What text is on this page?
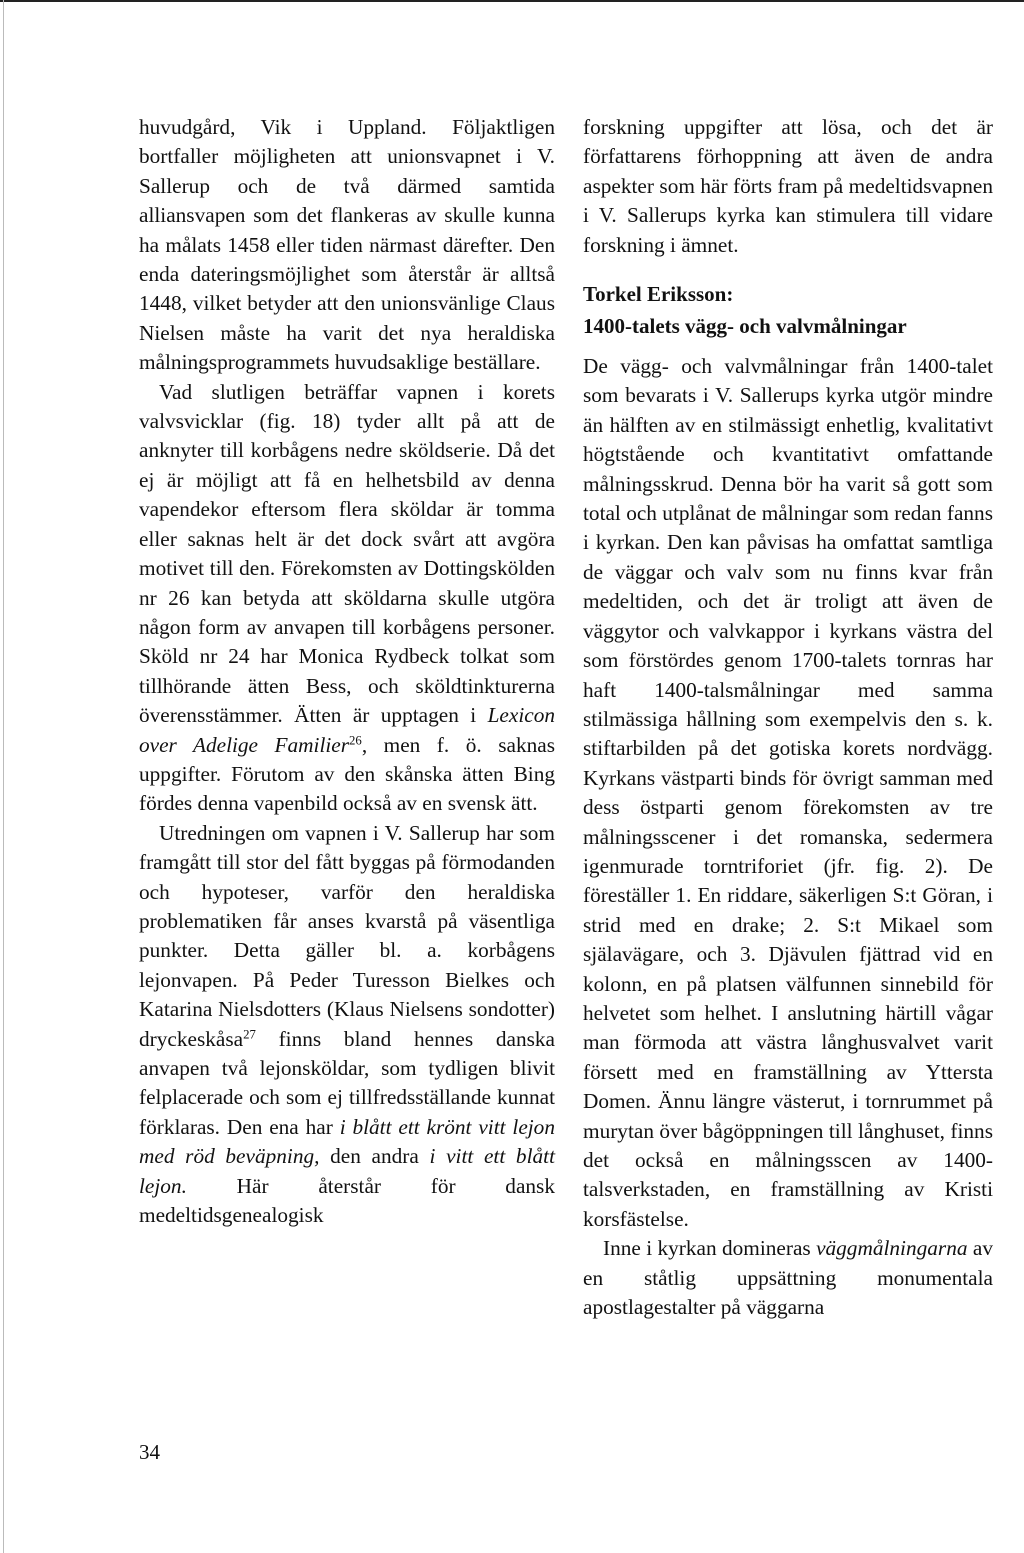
huvudgård, Vik i Uppland. Följaktligen bortfaller möjligheten att unionsvapnet i V. Sallerup och de två därmed samtida alliansvapen som det flankeras av skulle kunna ha målats 1458 eller tiden närmast därefter. Den enda dateringsmöjlighet som återstår är alltså 1448, vilket betyder att den unionsvänlige Claus Nielsen måste ha varit det nya heraldiska målningsprogrammets huvudsaklige beställare.

Vad slutligen beträffar vapnen i korets valvsvicklar (fig. 18) tyder allt på att de anknyter till korbågens nedre sköldserie. Då det ej är möjligt att få en helhetsbild av denna vapendekor eftersom flera sköldar är tomma eller saknas helt är det dock svårt att avgöra motivet till den. Förekomsten av Dottingskölden nr 26 kan betyda att sköldarna skulle utgöra någon form av anvapen till korbågens personer. Sköld nr 24 har Monica Rydbeck tolkat som tillhörande ätten Bess, och sköldtinkturerna överensstämmer. Ätten är upptagen i Lexicon over Adelige Familier$^{26}$, men f. ö. saknas uppgifter. Förutom av den skånska ätten Bing fördes denna vapenbild också av en svensk ätt.

Utredningen om vapnen i V. Sallerup har som framgått till stor del fått byggas på förmodanden och hypoteser, varför den heraldiska problematiken får anses kvarstå på väsentliga punkter. Detta gäller bl. a. korbågens lejonvapen. På Peder Turesson Bielkes och Katarina Nielsdotters (Klaus Nielsens sondotter) dryckeskåsa$^{27}$ finns bland hennes danska anvapen två lejonsköldar, som tydligen blivit felplacerade och som ej tillfredsställande kunnat förklaras. Den ena har i blått ett krönt vitt lejon med röd beväpning, den andra i vitt ett blått lejon. Här återstår för dansk medeltidsgenealogisk

forskning uppgifter att lösa, och det är författarens förhoppning att även de andra aspekter som här förts fram på medeltidsvapnen i V. Sallerups kyrka kan stimulera till vidare forskning i ämnet.

Torkel Eriksson:
1400-talets vägg- och valvmålningar

De vägg- och valvmålningar från 1400-talet som bevarats i V. Sallerups kyrka utgör mindre än hälften av en stilmässigt enhetlig, kvalitativt högtstående och kvantitativt omfattande målningsskrud. Denna bör ha varit så gott som total och utplånat de målningar som redan fanns i kyrkan. Den kan påvisas ha omfattat samtliga de väggar och valv som nu finns kvar från medeltiden, och det är troligt att även de väggytor och valvkappor i kyrkans västra del som förstördes genom 1700-talets tornras har haft 1400-talsmålningar med samma stilmässiga hållning som exempelvis den s. k. stiftarbilden på det gotiska korets nordvägg. Kyrkans västparti binds för övrigt samman med dess östparti genom förekomsten av tre målningsscener i det romanska, sedermera igenmurade torntriforiet (jfr. fig. 2). De föreställer 1. En riddare, säkerligen S:t Göran, i strid med en drake; 2. S:t Mikael som själavägare, och 3. Djävulen fjättrad vid en kolonn, en på platsen välfunnen sinnebild för helvetet som helhet. I anslutning härtill vågar man förmoda att västra långhusvalvet varit försett med en framställning av Yttersta Domen. Ännu längre västerut, i tornrummet på murytan över bågöppningen till långhuset, finns det också en målningsscen av 1400-talsverkstaden, en framställning av Kristi korsfästelse.

Inne i kyrkan domineras väggmålningarna av en ståtlig uppsättning monumentala apostlagestalter på väggarna

34
